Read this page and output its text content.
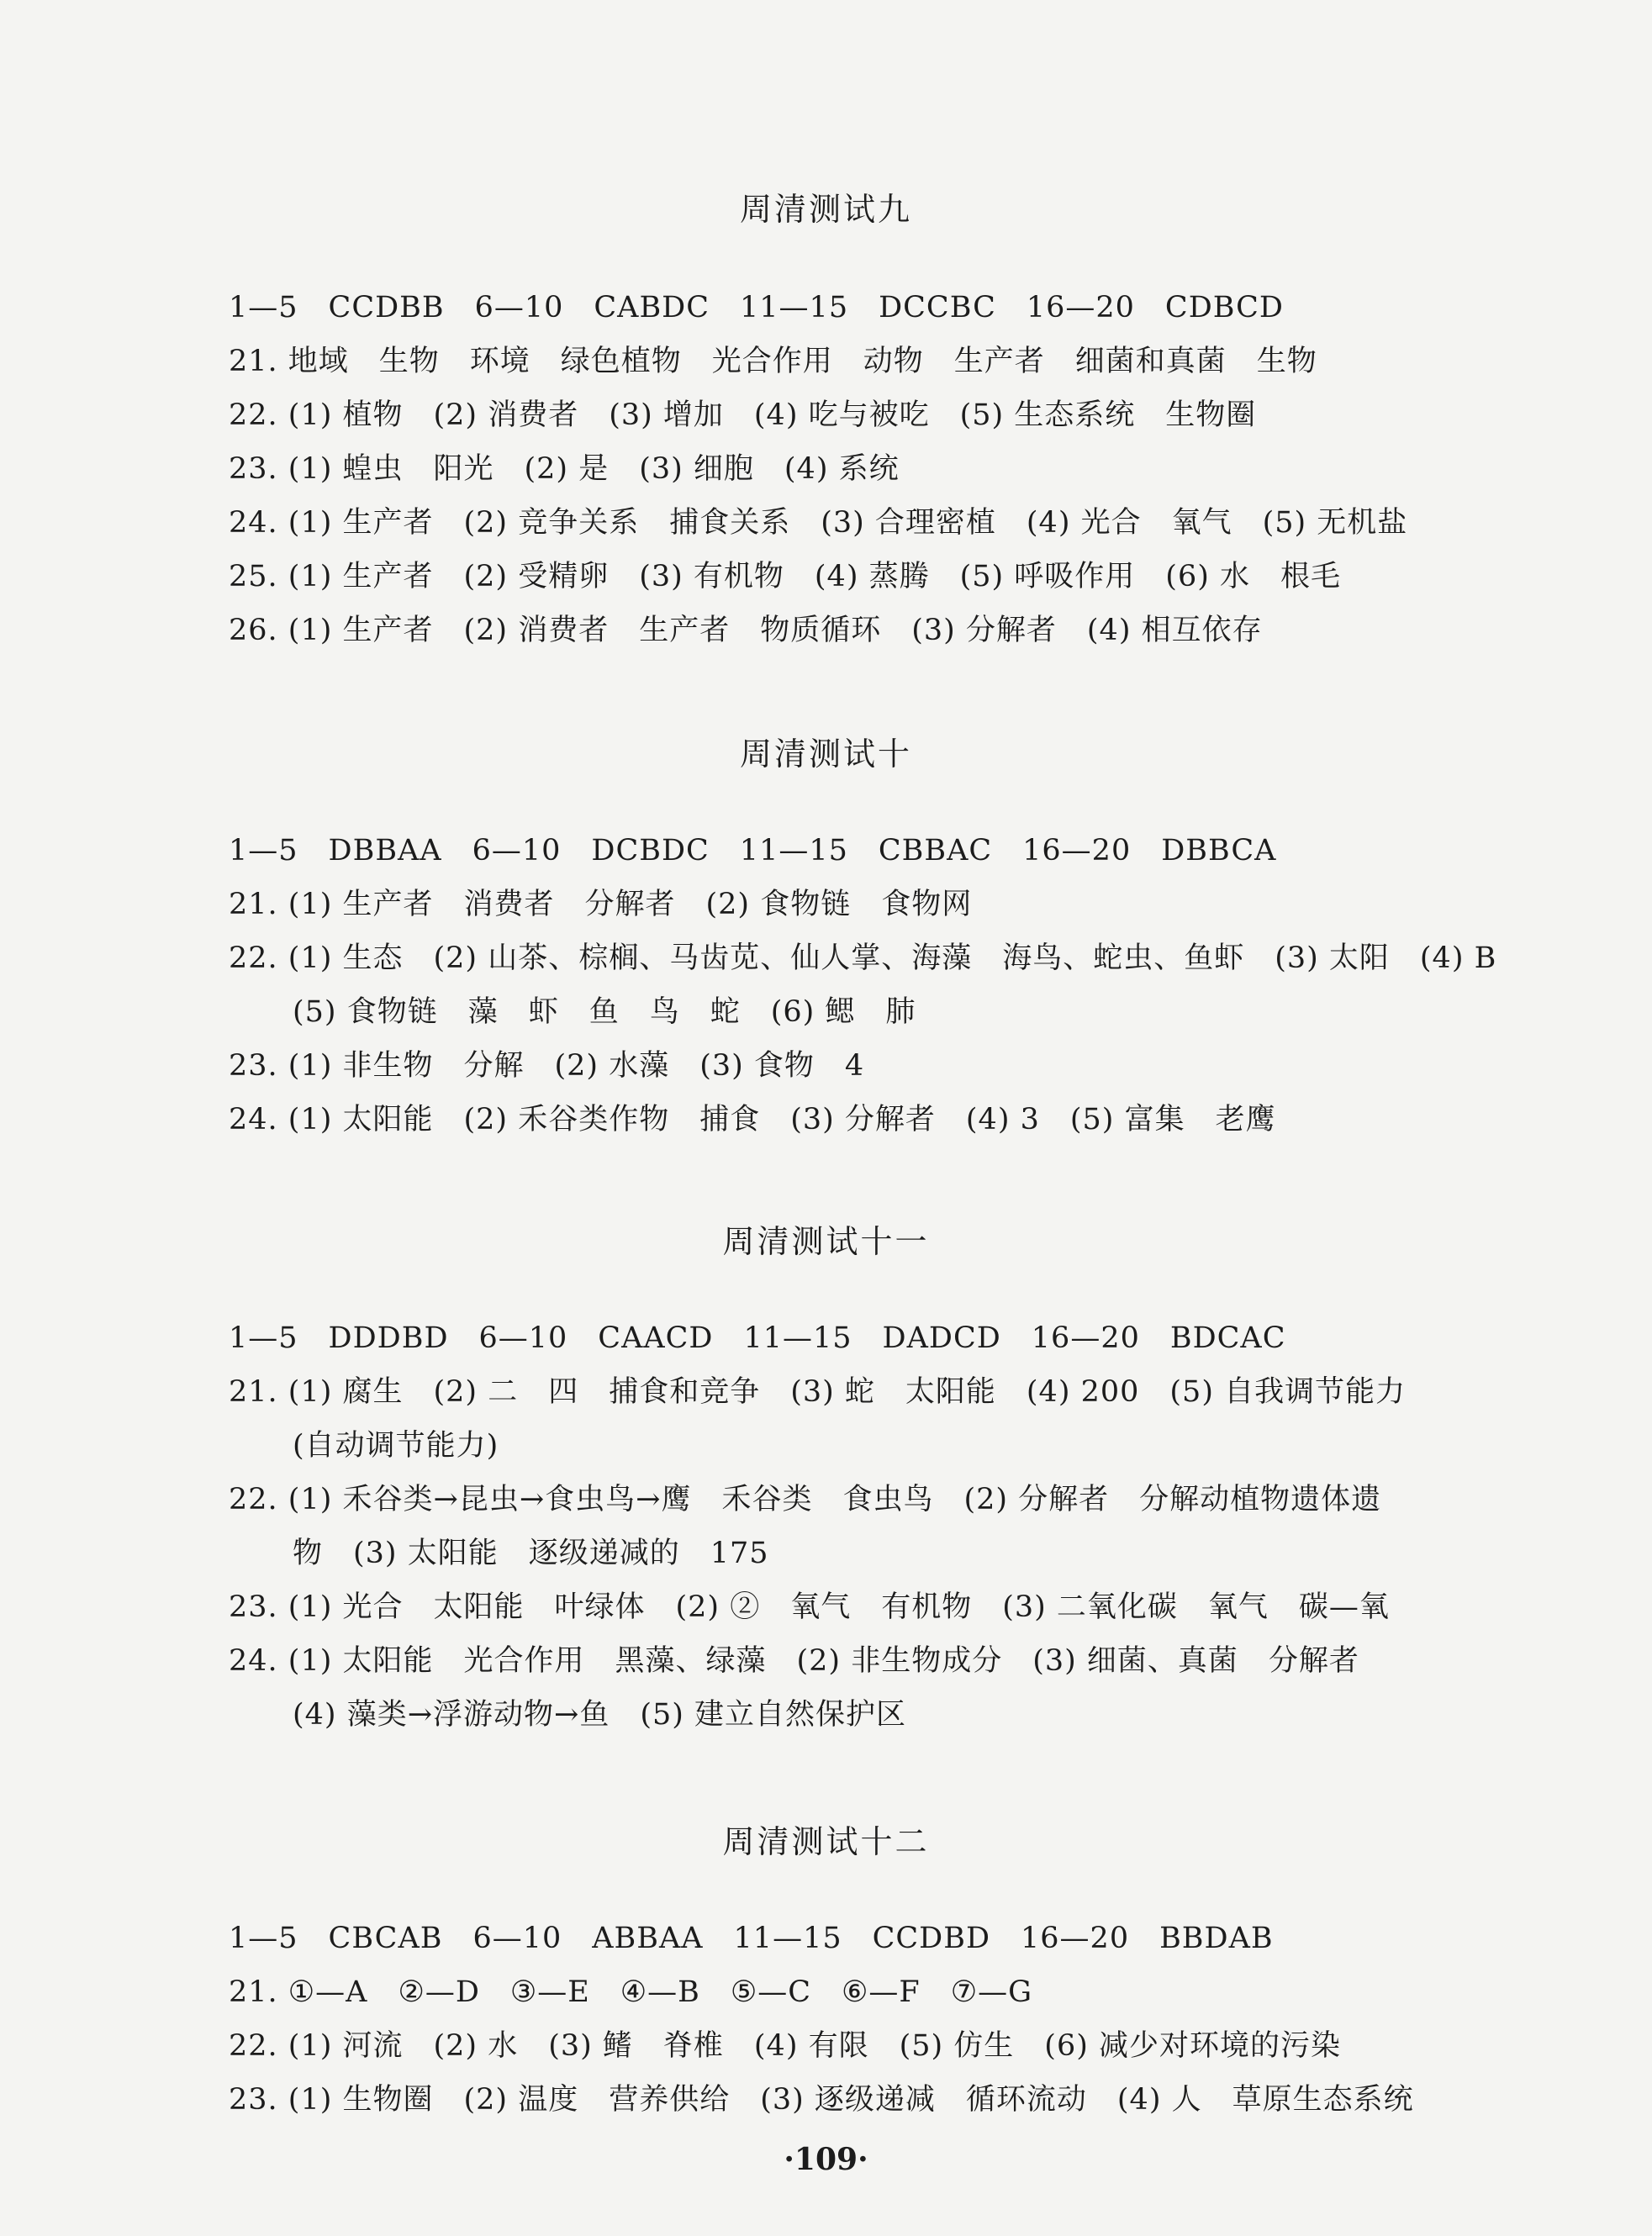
周清测试九
1—5　CCDBB　6—10　CABDC　11—15　DCCBC　16—20　CDBCD
21. 地域　生物　环境　绿色植物　光合作用　动物　生产者　细菌和真菌　生物
22. (1) 植物　(2) 消费者　(3) 增加　(4) 吃与被吃　(5) 生态系统　生物圈
23. (1) 蝗虫　阳光　(2) 是　(3) 细胞　(4) 系统
24. (1) 生产者　(2) 竞争关系　捕食关系　(3) 合理密植　(4) 光合　氧气　(5) 无机盐
25. (1) 生产者　(2) 受精卵　(3) 有机物　(4) 蒸腾　(5) 呼吸作用　(6) 水　根毛
26. (1) 生产者　(2) 消费者　生产者　物质循环　(3) 分解者　(4) 相互依存
周清测试十
1—5　DBBAA　6—10　DCBDC　11—15　CBBAC　16—20　DBBCA
21. (1) 生产者　消费者　分解者　(2) 食物链　食物网
22. (1) 生态　(2) 山茶、棕榈、马齿苋、仙人掌、海藻　海鸟、蛇虫、鱼虾　(3) 太阳　(4) B
(5) 食物链　藻　虾　鱼　鸟　蛇　(6) 鳃　肺
23. (1) 非生物　分解　(2) 水藻　(3) 食物　4
24. (1) 太阳能　(2) 禾谷类作物　捕食　(3) 分解者　(4) 3　(5) 富集　老鹰
周清测试十一
1—5　DDDBD　6—10　CAACD　11—15　DADCD　16—20　BDCAC
21. (1) 腐生　(2) 二　四　捕食和竞争　(3) 蛇　太阳能　(4) 200　(5) 自我调节能力
(自动调节能力)
22. (1) 禾谷类→昆虫→食虫鸟→鹰　禾谷类　食虫鸟　(2) 分解者　分解动植物遗体遗
物　(3) 太阳能　逐级递减的　175
23. (1) 光合　太阳能　叶绿体　(2) ②　氧气　有机物　(3) 二氧化碳　氧气　碳—氧
24. (1) 太阳能　光合作用　黑藻、绿藻　(2) 非生物成分　(3) 细菌、真菌　分解者
(4) 藻类→浮游动物→鱼　(5) 建立自然保护区
周清测试十二
1—5　CBCAB　6—10　ABBAA　11—15　CCDBD　16—20　BBDAB
21. ①—A　②—D　③—E　④—B　⑤—C　⑥—F　⑦—G
22. (1) 河流　(2) 水　(3) 鳍　脊椎　(4) 有限　(5) 仿生　(6) 减少对环境的污染
23. (1) 生物圈　(2) 温度　营养供给　(3) 逐级递减　循环流动　(4) 人　草原生态系统
·109·
